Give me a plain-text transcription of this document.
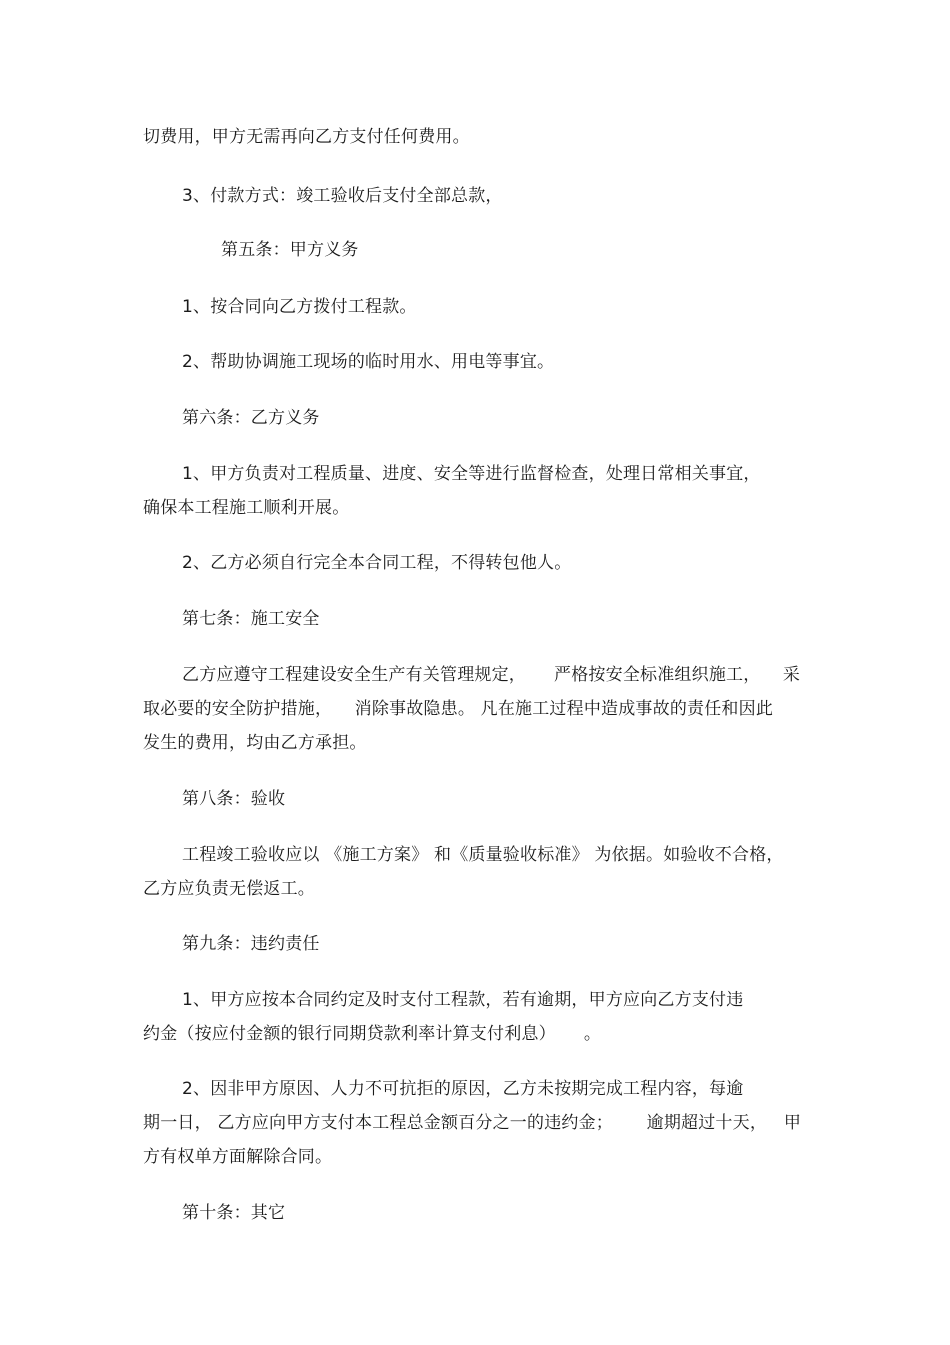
切费用，甲方无需再向乙方支付任何费用。
3、付款方式：竣工验收后支付全部总款，
第五条：甲方义务
1、按合同向乙方拨付工程款。
2、帮助协调施工现场的临时用水、用电等事宜。
第六条：乙方义务
1、甲方负责对工程质量、进度、安全等进行监督检查，处理日常相关事宜，
确保本工程施工顺利开展。
2、乙方必须自行完全本合同工程，不得转包他人。
第七条：施工安全
乙方应遵守工程建设安全生产有关管理规定，     严格按安全标准组织施工，    采
取必要的安全防护措施，    消除事故隐患。 凡在施工过程中造成事故的责任和因此
发生的费用，均由乙方承担。
第八条：验收
工程竣工验收应以 《施工方案》 和《质量验收标准》 为依据。如验收不合格，
乙方应负责无偿返工。
第九条：违约责任
1、甲方应按本合同约定及时支付工程款，若有逾期，甲方应向乙方支付违
约金（按应付金额的银行同期贷款利率计算支付利息）     。
2、因非甲方原因、人力不可抗拒的原因，乙方未按期完成工程内容，每逾
期一日， 乙方应向甲方支付本工程总金额百分之一的违约金；      逾期超过十天，   甲
方有权单方面解除合同。
第十条：其它
